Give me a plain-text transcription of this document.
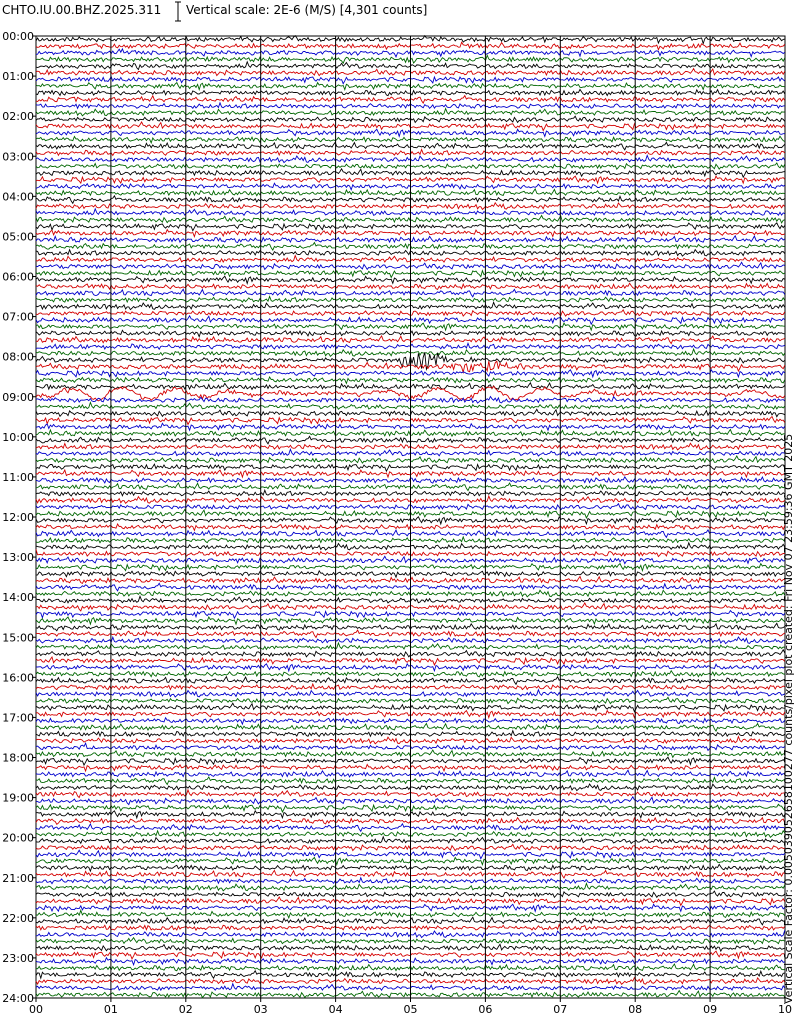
CHTO.IU.00.BHZ.2025.311 Vertical scale: 2E-6 (M/S) [4,301 counts]
00:00
01:00
02:00
03:00
04:00
05:00
06:00
07:00
08:00
09:00
10:00
11:00
12:00
13:00
14:00
15:00
16:00
17:00
18:00
19:00
20:00
21:00
22:00
23:00
24:00
00	01	02	03	04	05	06	07	08	09	10
Vertical Scale Factor: 0.005039052658100277 counts/pixel plot created: Fri Nov 07 23:59:36 GMT 2025
